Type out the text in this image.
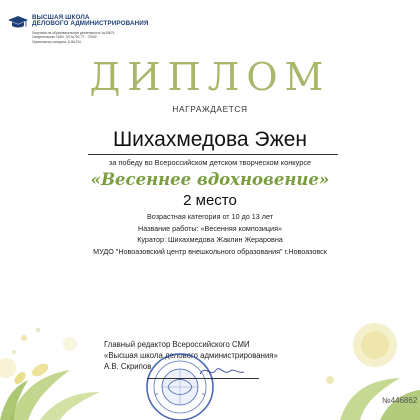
ВЫСШАЯ ШКОЛА
ДЕЛОВОГО АДМИНИСТРИРОВАНИЯ
Лицензия на образовательную деятельность №19674
Свидетельство СМИ: ЭЛ № ФС 77 - 72092
Организатор конкурса: Б-ВА.RU
ДИПЛОМ
НАГРАЖДАЕТСЯ
Шихахмедова Эжен
за победу во Всероссийском детском творческом конкурсе
«Весеннее вдохновение»
2 место
Возрастная категория от 10 до 13 лет
Название работы: «Весенняя композиция»
Куратор: Шихахмедова Жаклин Жераровна
МУДО "Новоазовский центр внешкольного образования" г.Новоазовск
Главный редактор Всероссийского СМИ
«Высшая школа делового администрирования»
А.В. Скрипов
№446862
